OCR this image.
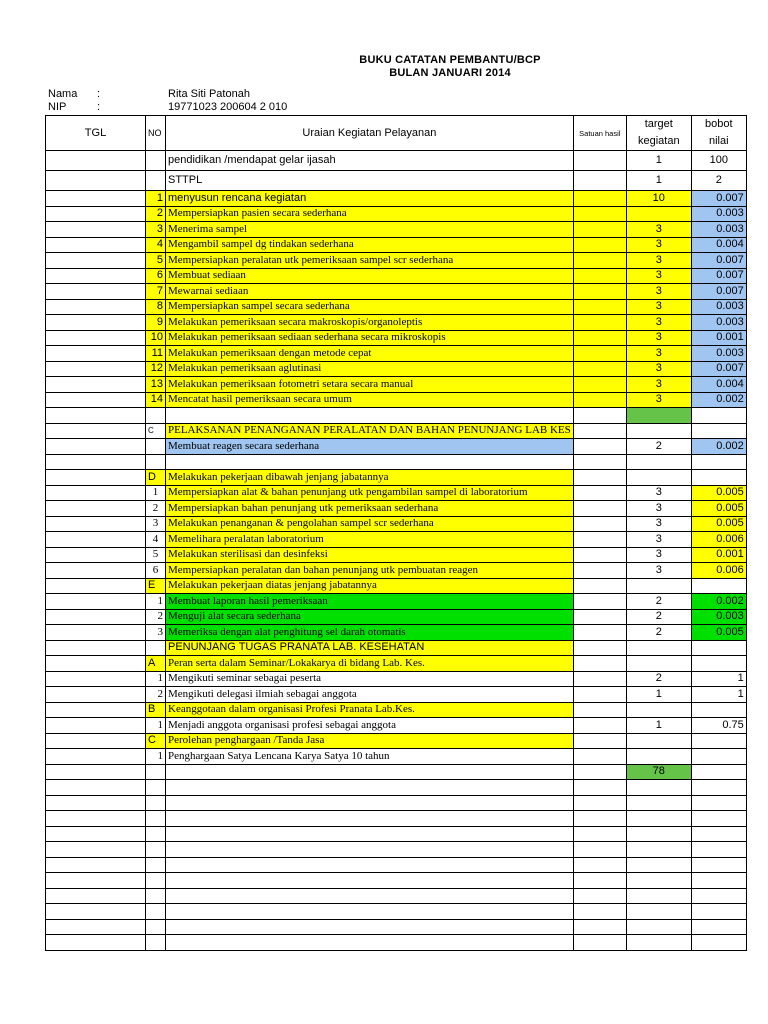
BUKU CATATAN PEMBANTU/BCP
BULAN JANUARI 2014
Nama :	Rita Siti Patonah
NIP	:	19771023 200604 2 010
TGL	NO	Uraian Kegiatan Pelayanan	Satuan hasil	target	bobot
				kegiatan	nilai
		pendidikan /mendapat gelar ijasah		1	100
		STTPL		1	2
	1	menyusun rencana kegiatan		10	0.007
	2	Mempersiapkan pasien secara sederhana			0.003
	3	Menerima sampel		3	0.003
	4	Mengambil sampel dg tindakan sederhana		3	0.004
	5	Mempersiapkan peralatan utk pemeriksaan sampel scr sederhana		3	0.007
	6	Membuat sediaan		3	0.007
	7	Mewarnai sediaan		3	0.007
	8	Mempersiapkan sampel secara sederhana		3	0.003
	9	Melakukan pemeriksaan secara makroskopis/organoleptis		3	0.003
	10	Melakukan pemeriksaan sediaan sederhana secara mikroskopis		3	0.001
	11	Melakukan pemeriksaan dengan metode cepat		3	0.003
	12	Melakukan pemeriksaan aglutinasi		3	0.007
	13	Melakukan pemeriksaan fotometri setara secara manual		3	0.004
	14	Mencatat hasil pemeriksaan secara umum		3	0.002

	C	PELAKSANAN PENANGANAN PERALATAN DAN BAHAN PENUNJANG LAB KES			
		Membuat reagen secara sederhana		2	0.002

	D	Melakukan pekerjaan dibawah jenjang jabatannya			
	1	Mempersiapkan alat & bahan penunjang utk pengambilan sampel di laboratorium		3	0.005
	2	Mempersiapkan bahan penunjang utk pemeriksaan sederhana		3	0.005
	3	Melakukan penanganan & pengolahan sampel scr sederhana		3	0.005
	4	Memelihara peralatan laboratorium		3	0.006
	5	Melakukan sterilisasi dan desinfeksi		3	0.001
	6	Mempersiapkan peralatan dan bahan penunjang utk pembuatan reagen		3	0.006
	E	Melakukan pekerjaan diatas jenjang jabatannya			
	1	Membuat laporan hasil pemeriksaan		2	0.002
	2	Menguji alat secara sederhana		2	0.003
	3	Memeriksa dengan alat penghitung sel darah otomatis		2	0.005
		PENUNJANG TUGAS PRANATA LAB. KESEHATAN			
	A	Peran serta dalam Seminar/Lokakarya di bidang Lab. Kes.			
	1	Mengikuti seminar sebagai peserta		2	1
	2	Mengikuti delegasi ilmiah sebagai anggota		1	1
	B	Keanggotaan dalam organisasi Profesi Pranata Lab.Kes.			
	1	Menjadi anggota organisasi profesi sebagai anggota		1	0.75
	C	Perolehan penghargaan /Tanda Jasa			
	1	Penghargaan Satya Lencana Karya Satya 10 tahun			
				78	
